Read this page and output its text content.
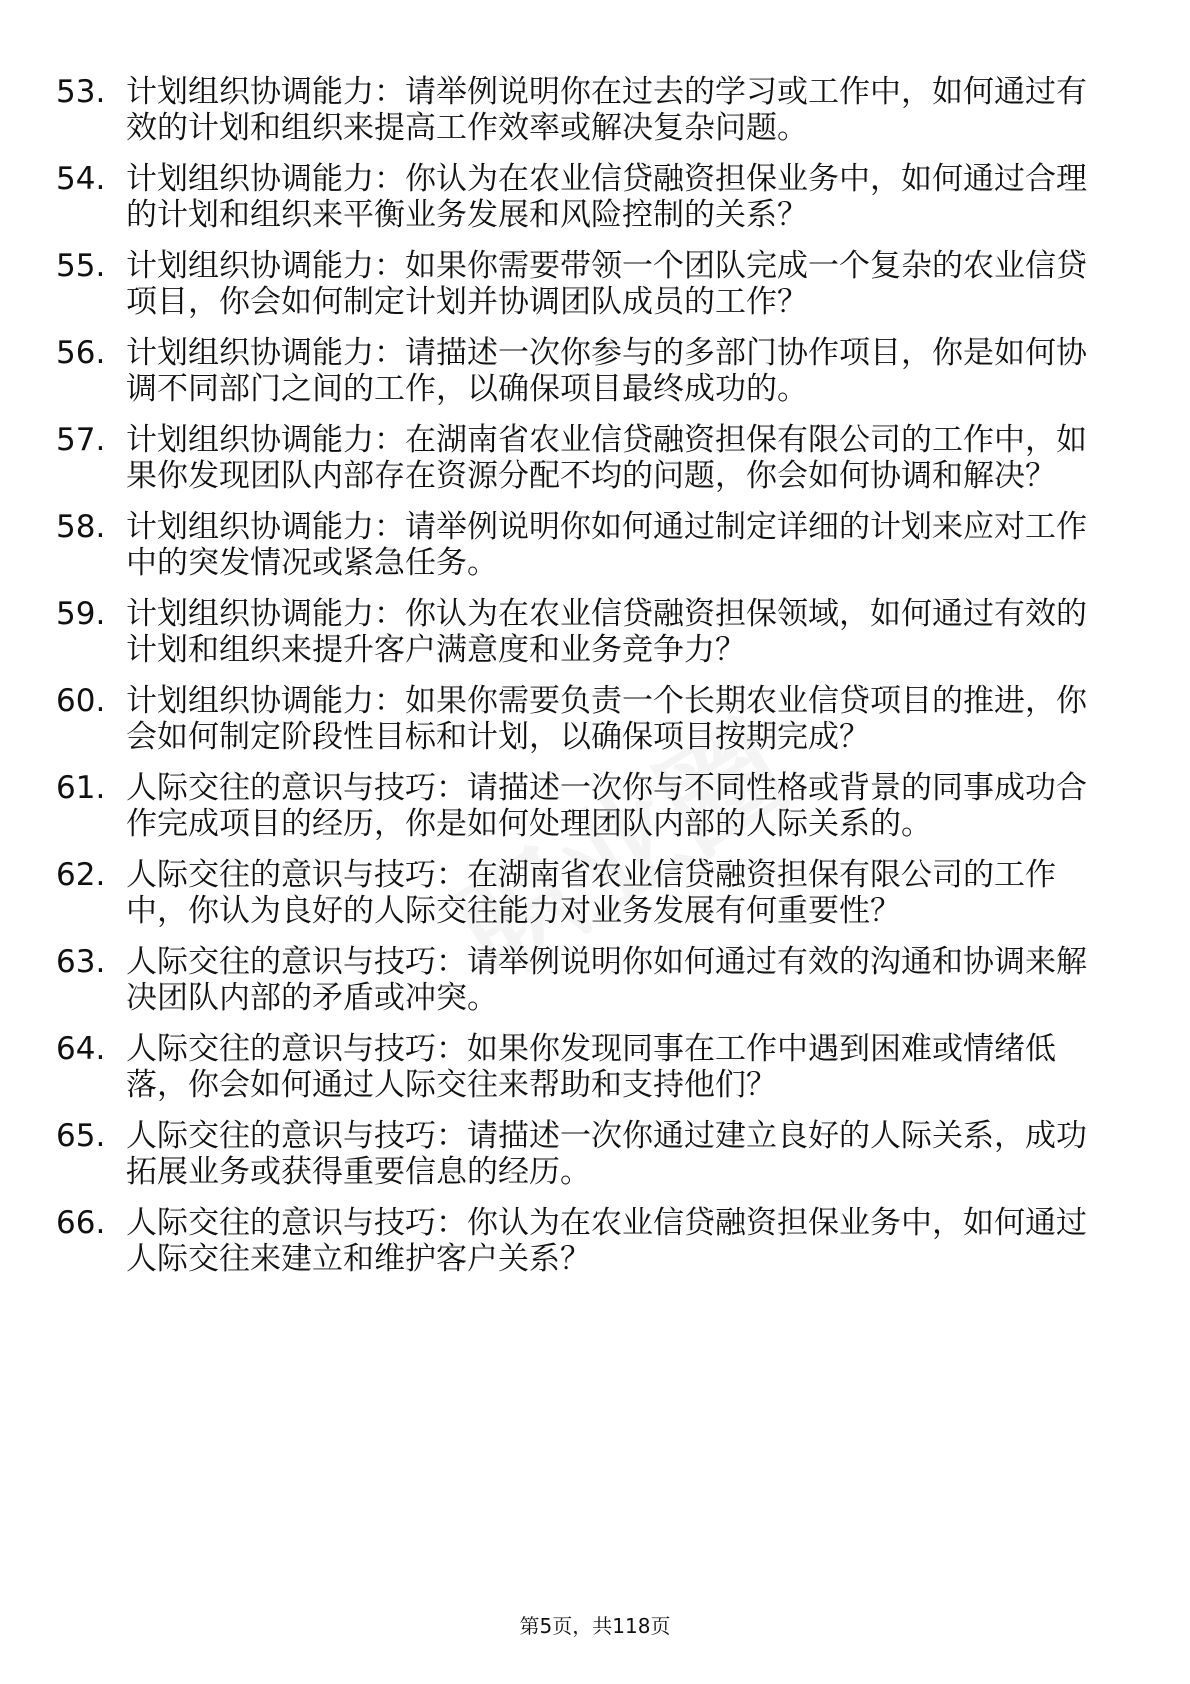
53. 计划组织协调能力：请举例说明你在过去的学习或工作中，如何通过有效的计划和组织来提高工作效率或解决复杂问题。
54. 计划组织协调能力：你认为在农业信贷融资担保业务中，如何通过合理的计划和组织来平衡业务发展和风险控制的关系？
55. 计划组织协调能力：如果你需要带领一个团队完成一个复杂的农业信贷项目，你会如何制定计划并协调团队成员的工作？
56. 计划组织协调能力：请描述一次你参与的多部门协作项目，你是如何协调不同部门之间的工作，以确保项目最终成功的。
57. 计划组织协调能力：在湖南省农业信贷融资担保有限公司的工作中，如果你发现团队内部存在资源分配不均的问题，你会如何协调和解决？
58. 计划组织协调能力：请举例说明你如何通过制定详细的计划来应对工作中的突发情况或紧急任务。
59. 计划组织协调能力：你认为在农业信贷融资担保领域，如何通过有效的计划和组织来提升客户满意度和业务竞争力？
60. 计划组织协调能力：如果你需要负责一个长期农业信贷项目的推进，你会如何制定阶段性目标和计划，以确保项目按期完成？
61. 人际交往的意识与技巧：请描述一次你与不同性格或背景的同事成功合作完成项目的经历，你是如何处理团队内部的人际关系的。
62. 人际交往的意识与技巧：在湖南省农业信贷融资担保有限公司的工作中，你认为良好的人际交往能力对业务发展有何重要性？
63. 人际交往的意识与技巧：请举例说明你如何通过有效的沟通和协调来解决团队内部的矛盾或冲突。
64. 人际交往的意识与技巧：如果你发现同事在工作中遇到困难或情绪低落，你会如何通过人际交往来帮助和支持他们？
65. 人际交往的意识与技巧：请描述一次你通过建立良好的人际关系，成功拓展业务或获得重要信息的经历。
66. 人际交往的意识与技巧：你认为在农业信贷融资担保业务中，如何通过人际交往来建立和维护客户关系？
第5页，共118页
